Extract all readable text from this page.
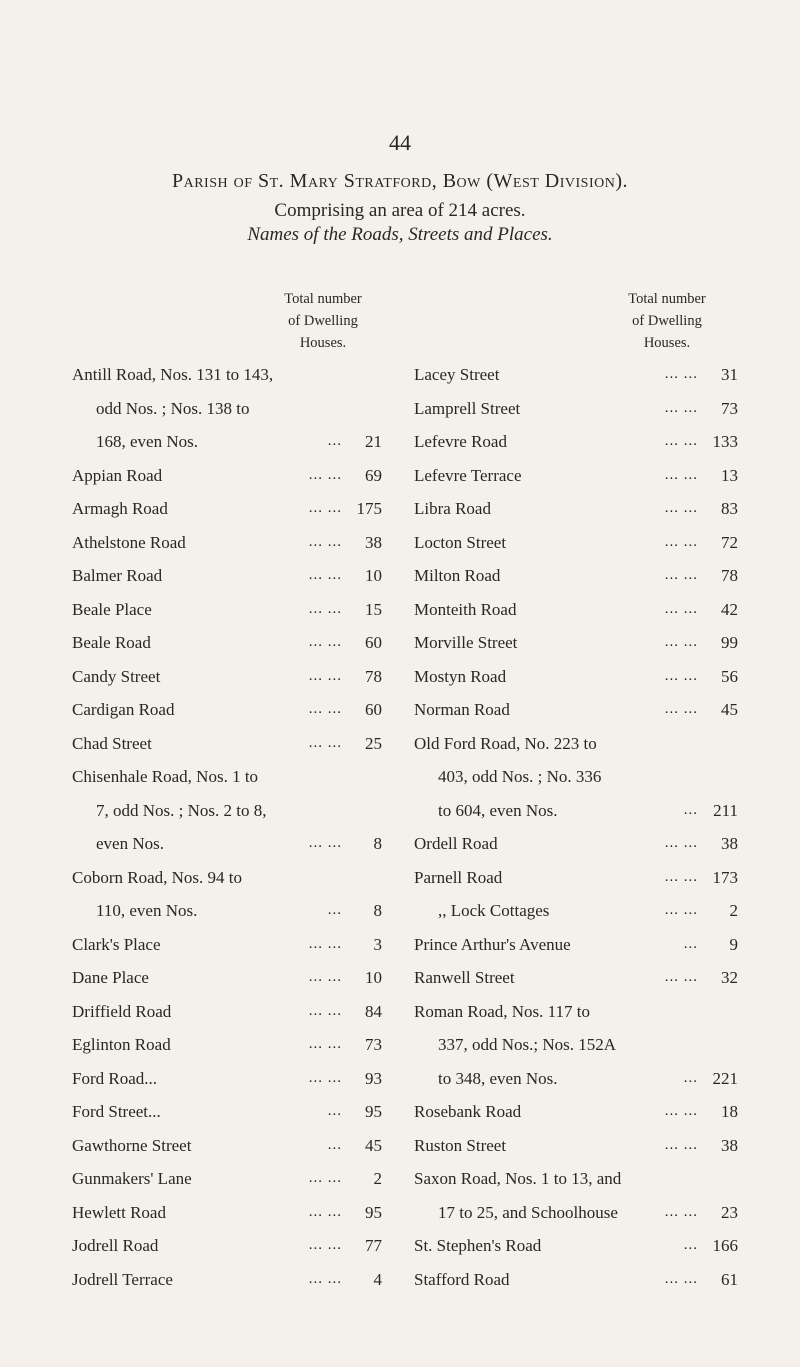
44
Parish of St. Mary Stratford, Bow (West Division).
Comprising an area of 214 acres.
Names of the Roads, Streets and Places.
Total number
of Dwelling
Houses.
Total number
of Dwelling
Houses.
Antill Road, Nos. 131 to 143,
odd Nos. ; Nos. 138 to
168, even Nos.	...	21
Appian Road	... ...	69
Armagh Road	... ... 175
Athelstone Road	... ...	38
Balmer Road	... ...	10
Beale Place	... ...	15
Beale Road	... ...	60
Candy Street	... ...	78
Cardigan Road	... ...	60
Chad Street	... ...	25
Chisenhale Road, Nos. 1 to
7, odd Nos. ; Nos. 2 to 8,
even Nos.	... ...	8
Coborn Road, Nos. 94 to
110, even Nos.	...	8
Clark's Place	... ...	3
Dane Place	... ...	10
Driffield Road	... ...	84
Eglinton Road	... ...	73
Ford Road...	... ...	93
Ford Street...	...	95
Gawthorne Street	...	45
Gunmakers' Lane	... ...	2
Hewlett Road	... ...	95
Jodrell Road	... ...	77
Jodrell Terrace	... ...	4
Lacey Street	... ...	31
Lamprell Street	... ...	73
Lefevre Road	... ... 133
Lefevre Terrace	... ...	13
Libra Road	... ...	83
Locton Street	... ...	72
Milton Road	... ...	78
Monteith Road	... ...	42
Morville Street	... ...	99
Mostyn Road	... ...	56
Norman Road	... ...	45
Old Ford Road, No. 223 to
403, odd Nos. ; No. 336
to 604, even Nos.	... 211
Ordell Road	... ...	38
Parnell Road	... ... 173
,, Lock Cottages	... ...	2
Prince Arthur's Avenue	...	9
Ranwell Street	... ...	32
Roman Road, Nos. 117 to
337, odd Nos.; Nos. 152A
to 348, even Nos.	... 221
Rosebank Road	... ...	18
Ruston Street	... ...	38
Saxon Road, Nos. 1 to 13, and
17 to 25, and Schoolhouse	... ...	23
St. Stephen's Road	... 166
Stafford Road	... ...	61
